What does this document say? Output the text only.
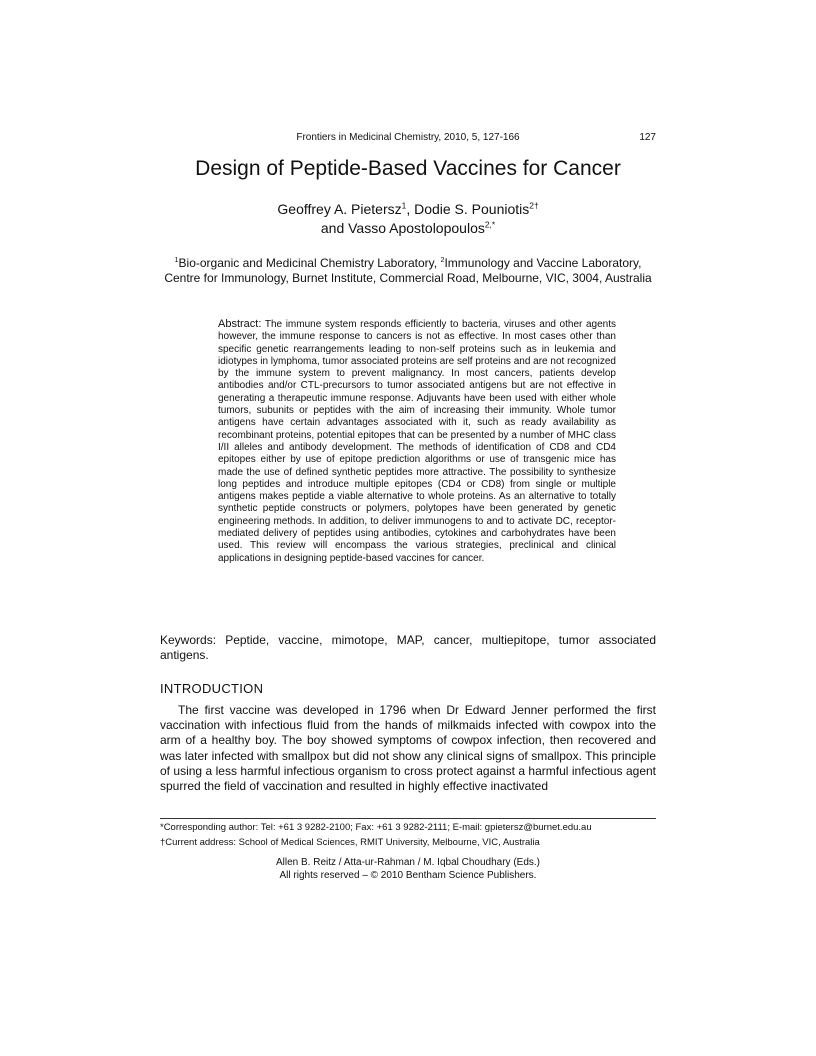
Frontiers in Medicinal Chemistry, 2010, 5, 127-166	127
Design of Peptide-Based Vaccines for Cancer
Geoffrey A. Pietersz$^1$, Dodie S. Pouniotis$^{2\dagger}$
and Vasso Apostolopoulos$^{2,*}$
$^1$Bio-organic and Medicinal Chemistry Laboratory, $^2$Immunology and Vaccine Laboratory, Centre for Immunology, Burnet Institute, Commercial Road, Melbourne, VIC, 3004, Australia
Abstract: The immune system responds efficiently to bacteria, viruses and other agents however, the immune response to cancers is not as effective. In most cases other than specific genetic rearrangements leading to non-self proteins such as in leukemia and idiotypes in lymphoma, tumor associated proteins are self proteins and are not recognized by the immune system to prevent malignancy. In most cancers, patients develop antibodies and/or CTL-precursors to tumor associated antigens but are not effective in generating a therapeutic immune response. Adjuvants have been used with either whole tumors, subunits or peptides with the aim of increasing their immunity. Whole tumor antigens have certain advantages associated with it, such as ready availability as recombinant proteins, potential epitopes that can be presented by a number of MHC class I/II alleles and antibody development. The methods of identification of CD8 and CD4 epitopes either by use of epitope prediction algorithms or use of transgenic mice has made the use of defined synthetic peptides more attractive. The possibility to synthesize long peptides and introduce multiple epitopes (CD4 or CD8) from single or multiple antigens makes peptide a viable alternative to whole proteins. As an alternative to totally synthetic peptide constructs or polymers, polytopes have been generated by genetic engineering methods. In addition, to deliver immunogens to and to activate DC, receptor-mediated delivery of peptides using antibodies, cytokines and carbohydrates have been used. This review will encompass the various strategies, preclinical and clinical applications in designing peptide-based vaccines for cancer.
Keywords: Peptide, vaccine, mimotope, MAP, cancer, multiepitope, tumor associated antigens.
INTRODUCTION
The first vaccine was developed in 1796 when Dr Edward Jenner performed the first vaccination with infectious fluid from the hands of milkmaids infected with cowpox into the arm of a healthy boy. The boy showed symptoms of cowpox infection, then recovered and was later infected with smallpox but did not show any clinical signs of smallpox. This principle of using a less harmful infectious organism to cross protect against a harmful infectious agent spurred the field of vaccination and resulted in highly effective inactivated
*Corresponding author: Tel: +61 3 9282-2100; Fax: +61 3 9282-2111; E-mail: gpietersz@burnet.edu.au
†Current address: School of Medical Sciences, RMIT University, Melbourne, VIC, Australia
Allen B. Reitz / Atta-ur-Rahman / M. Iqbal Choudhary (Eds.)
All rights reserved – © 2010 Bentham Science Publishers.
